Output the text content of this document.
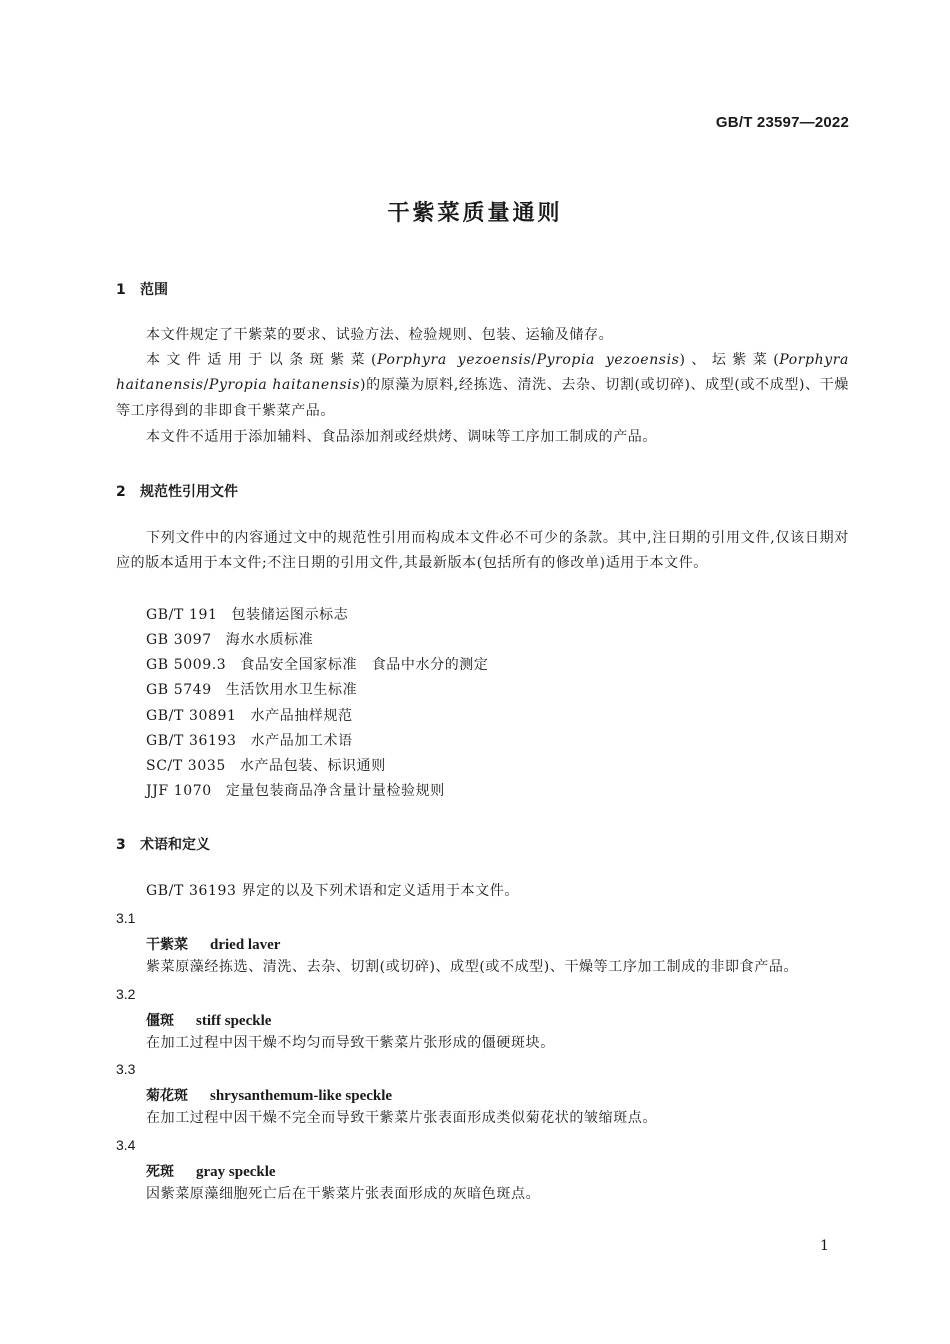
GB/T 23597—2022
干紫菜质量通则
1 范围

本文件规定了干紫菜的要求、试验方法、检验规则、包装、运输及储存。

本文件适用于以条斑紫菜(Porphyra yezoensis/Pyropia yezoensis)、坛紫菜(Porphyra haitanensis/Pyropia haitanensis)的原藻为原料,经拣选、清洗、去杂、切割(或切碎)、成型(或不成型)、干燥等工序得到的非即食干紫菜产品。

本文件不适用于添加辅料、食品添加剂或经烘烤、调味等工序加工制成的产品。

2 规范性引用文件

下列文件中的内容通过文中的规范性引用而构成本文件必不可少的条款。其中,注日期的引用文件,仅该日期对应的版本适用于本文件;不注日期的引用文件,其最新版本(包括所有的修改单)适用于本文件。

GB/T 191 包装储运图示标志
GB 3097 海水水质标准
GB 5009.3 食品安全国家标准　食品中水分的测定
GB 5749 生活饮用水卫生标准
GB/T 30891 水产品抽样规范
GB/T 36193 水产品加工术语
SC/T 3035 水产品包装、标识通则
JJF 1070 定量包装商品净含量计量检验规则
3 术语和定义
GB/T 36193 界定的以及下列术语和定义适用于本文件。
3.1
干紫菜 dried laver
紫菜原藻经拣选、清洗、去杂、切割(或切碎)、成型(或不成型)、干燥等工序加工制成的非即食产品。
3.2
僵斑 stiff speckle
在加工过程中因干燥不均匀而导致干紫菜片张形成的僵硬斑块。
3.3
菊花斑 shrysanthemum-like speckle
在加工过程中因干燥不完全而导致干紫菜片张表面形成类似菊花状的皱缩斑点。
3.4
死斑 gray speckle
因紫菜原藻细胞死亡后在干紫菜片张表面形成的灰暗色斑点。
1
